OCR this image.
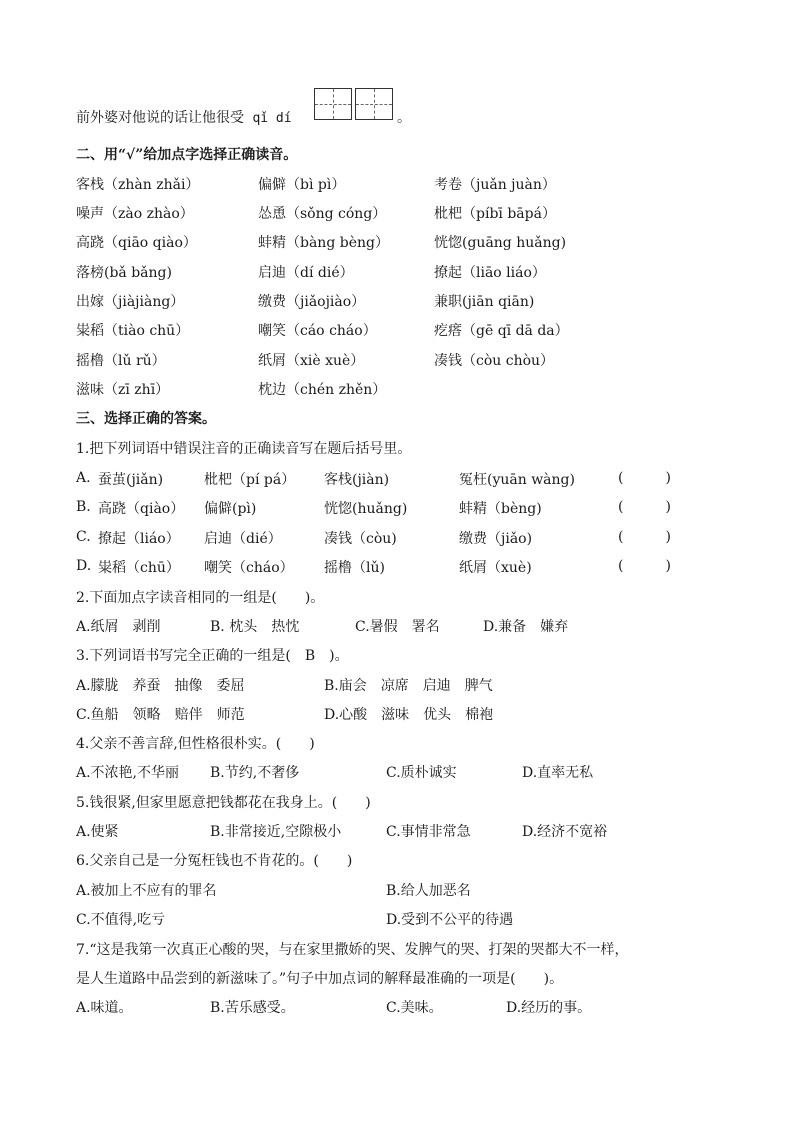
前外婆对他说的话让他很受 qǐ dí	。
二、用“√”给加点字选择正确读音。
客栈（zhàn zhǎi）	偏僻（bì pì）	考卷（juǎn juàn）
噪声（zào zhào）	怂恿（sǒng cóng）	枇杷（píbī bāpá）
高跷（qiāo qiào）	蚌精（bàng bèng）	恍惚(guāng huǎng)
落榜(bǎ bǎng)	启迪（dí dié）	撩起（liāo liáo）
出嫁（jiàjiàng）	缴费（jiǎojiào）	兼职(jiān qiān)
粜稻（tiào chū）	嘲笑（cáo cháo）	疙瘩（gē qī dā da）
摇橹（lǔ rǔ）	纸屑（xiè xuè）	凑钱（còu chòu）
滋味（zī zhī）	枕边（chén zhěn）
三、选择正确的答案。
1.把下列词语中错误注音的正确读音写在题后括号里。
A. 蚕茧(jiǎn)	枇杷（pí pá） 客栈(jiàn)	冤枉(yuān wàng)	(　　　)
B. 高跷（qiào） 偏僻(pì)	恍惚(huǎng)	蚌精（bèng)	(　　　)
C. 撩起（liáo） 启迪（dié）	凑钱（còu)	缴费（jiǎo)	(　　　)
D. 粜稻（chū） 嘲笑（cháo） 摇橹（lǔ)	纸屑（xuè)	(　　　)
2.下面加点字读音相同的一组是(　　)。
A.纸屑　剥削	B. 枕头　热忱	C.暑假　署名	D.兼备　嫌弃
3.下列词语书写完全正确的一组是(　B　)。
A.朦胧　养蚕　抽像　委屈	B.庙会　凉席　启迪　脾气
C.鱼船　领略　赔伴　师范	D.心酸　滋味　优头　棉袍
4.父亲不善言辞,但性格很朴实。(　　)
A.不浓艳,不华丽 B.节约,不奢侈	C.质朴诚实	D.直率无私
5.钱很紧,但家里愿意把钱都花在我身上。(　　)
A.使紧	B.非常接近,空隙极小	C.事情非常急	D.经济不宽裕
6.父亲自己是一分冤枉钱也不肯花的。(　　)
A.被加上不应有的罪名	B.给人加恶名
C.不值得,吃亏	D.受到不公平的待遇
7.“这是我第一次真正心酸的哭，与在家里撒娇的哭、发脾气的哭、打架的哭都大不一样，
是人生道路中品尝到的新滋味了。”句子中加点词的解释最准确的一项是(　　)。
A.味道。	B.苦乐感受。	C.美味。	D.经历的事。
